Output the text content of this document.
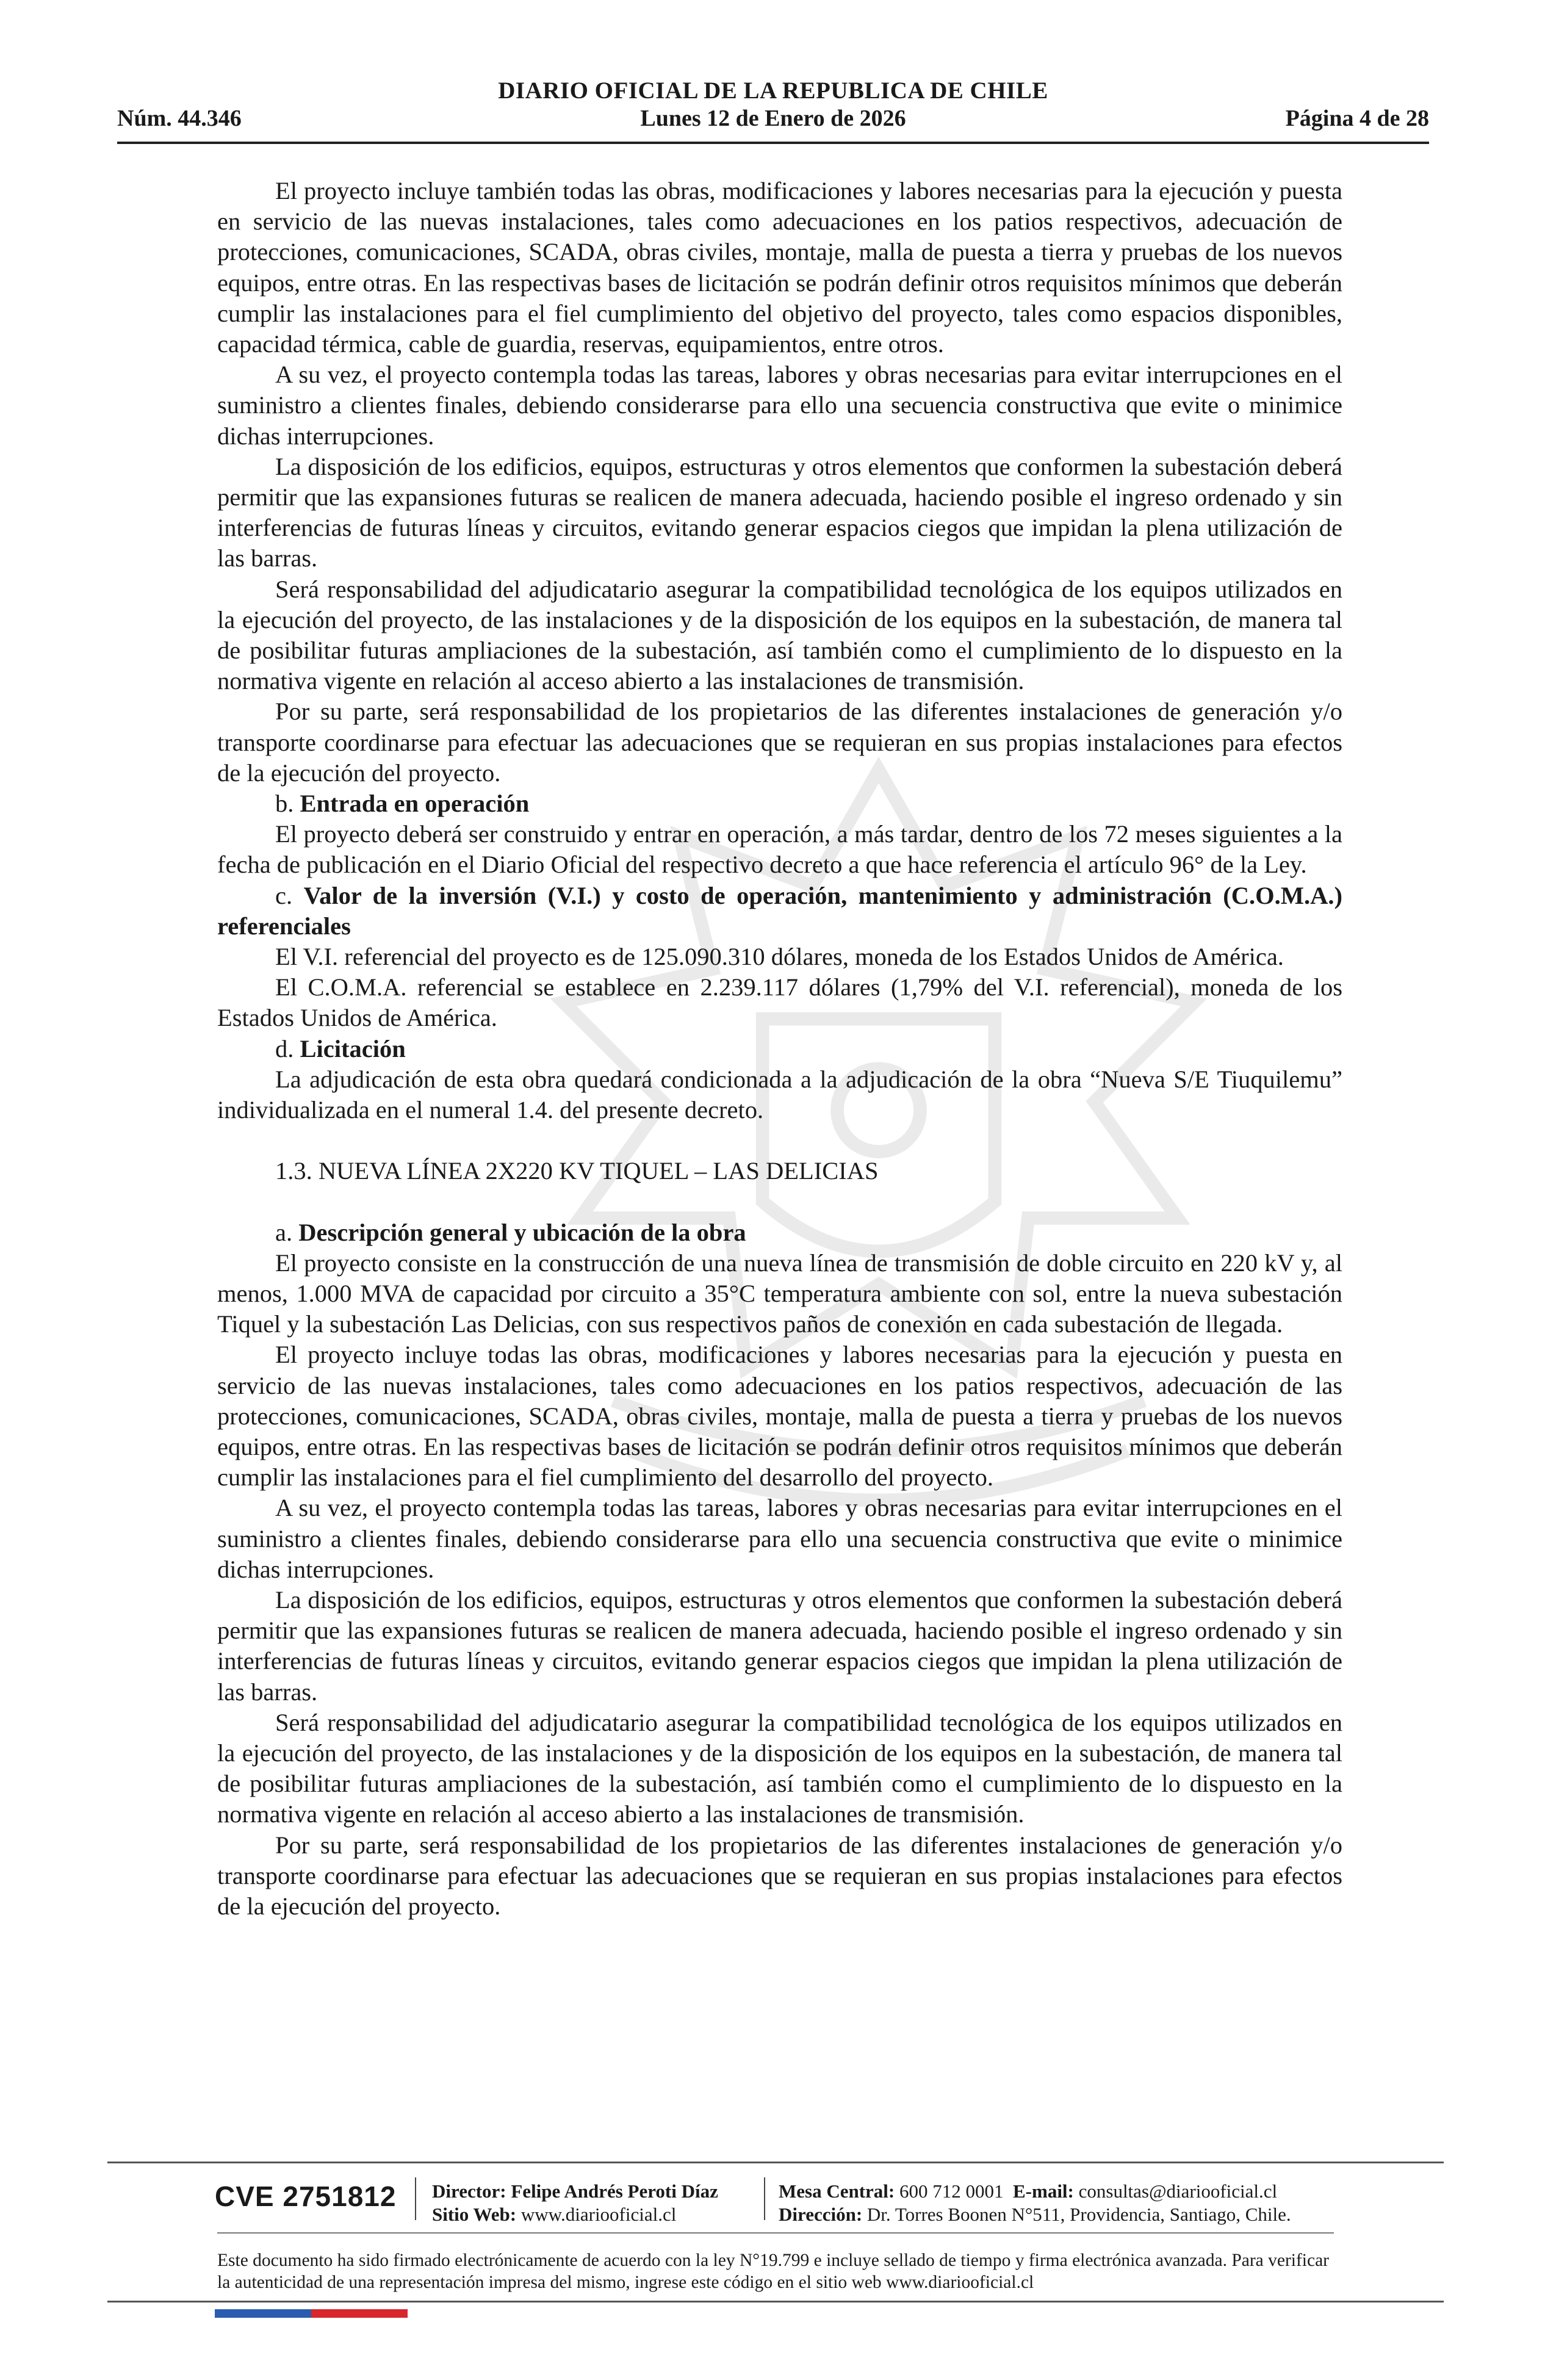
DIARIO OFICIAL DE LA REPUBLICA DE CHILE
Núm. 44.346	Lunes 12 de Enero de 2026	Página 4 de 28

El proyecto incluye también todas las obras, modificaciones y labores necesarias para la ejecución y puesta en servicio de las nuevas instalaciones, tales como adecuaciones en los patios respectivos, adecuación de protecciones, comunicaciones, SCADA, obras civiles, montaje, malla de puesta a tierra y pruebas de los nuevos equipos, entre otras. En las respectivas bases de licitación se podrán definir otros requisitos mínimos que deberán cumplir las instalaciones para el fiel cumplimiento del objetivo del proyecto, tales como espacios disponibles, capacidad térmica, cable de guardia, reservas, equipamientos, entre otros.

A su vez, el proyecto contempla todas las tareas, labores y obras necesarias para evitar interrupciones en el suministro a clientes finales, debiendo considerarse para ello una secuencia constructiva que evite o minimice dichas interrupciones.

La disposición de los edificios, equipos, estructuras y otros elementos que conformen la subestación deberá permitir que las expansiones futuras se realicen de manera adecuada, haciendo posible el ingreso ordenado y sin interferencias de futuras líneas y circuitos, evitando generar espacios ciegos que impidan la plena utilización de las barras.

Será responsabilidad del adjudicatario asegurar la compatibilidad tecnológica de los equipos utilizados en la ejecución del proyecto, de las instalaciones y de la disposición de los equipos en la subestación, de manera tal de posibilitar futuras ampliaciones de la subestación, así también como el cumplimiento de lo dispuesto en la normativa vigente en relación al acceso abierto a las instalaciones de transmisión.

Por su parte, será responsabilidad de los propietarios de las diferentes instalaciones de generación y/o transporte coordinarse para efectuar las adecuaciones que se requieran en sus propias instalaciones para efectos de la ejecución del proyecto.

b. Entrada en operación

El proyecto deberá ser construido y entrar en operación, a más tardar, dentro de los 72 meses siguientes a la fecha de publicación en el Diario Oficial del respectivo decreto a que hace referencia el artículo 96° de la Ley.

c. Valor de la inversión (V.I.) y costo de operación, mantenimiento y administración (C.O.M.A.) referenciales

El V.I. referencial del proyecto es de 125.090.310 dólares, moneda de los Estados Unidos de América.

El C.O.M.A. referencial se establece en 2.239.117 dólares (1,79% del V.I. referencial), moneda de los Estados Unidos de América.

d. Licitación

La adjudicación de esta obra quedará condicionada a la adjudicación de la obra “Nueva S/E Tiuquilemu” individualizada en el numeral 1.4. del presente decreto.

1.3. NUEVA LÍNEA 2X220 KV TIQUEL – LAS DELICIAS

a. Descripción general y ubicación de la obra

El proyecto consiste en la construcción de una nueva línea de transmisión de doble circuito en 220 kV y, al menos, 1.000 MVA de capacidad por circuito a 35°C temperatura ambiente con sol, entre la nueva subestación Tiquel y la subestación Las Delicias, con sus respectivos paños de conexión en cada subestación de llegada.

El proyecto incluye todas las obras, modificaciones y labores necesarias para la ejecución y puesta en servicio de las nuevas instalaciones, tales como adecuaciones en los patios respectivos, adecuación de las protecciones, comunicaciones, SCADA, obras civiles, montaje, malla de puesta a tierra y pruebas de los nuevos equipos, entre otras. En las respectivas bases de licitación se podrán definir otros requisitos mínimos que deberán cumplir las instalaciones para el fiel cumplimiento del desarrollo del proyecto.

A su vez, el proyecto contempla todas las tareas, labores y obras necesarias para evitar interrupciones en el suministro a clientes finales, debiendo considerarse para ello una secuencia constructiva que evite o minimice dichas interrupciones.

La disposición de los edificios, equipos, estructuras y otros elementos que conformen la subestación deberá permitir que las expansiones futuras se realicen de manera adecuada, haciendo posible el ingreso ordenado y sin interferencias de futuras líneas y circuitos, evitando generar espacios ciegos que impidan la plena utilización de las barras.

Será responsabilidad del adjudicatario asegurar la compatibilidad tecnológica de los equipos utilizados en la ejecución del proyecto, de las instalaciones y de la disposición de los equipos en la subestación, de manera tal de posibilitar futuras ampliaciones de la subestación, así también como el cumplimiento de lo dispuesto en la normativa vigente en relación al acceso abierto a las instalaciones de transmisión.

Por su parte, será responsabilidad de los propietarios de las diferentes instalaciones de generación y/o transporte coordinarse para efectuar las adecuaciones que se requieran en sus propias instalaciones para efectos de la ejecución del proyecto.

CVE 2751812 Director: Felipe Andrés Peroti Díaz
Sitio Web: www.diariooficial.cl
Mesa Central: 600 712 0001 E-mail: consultas@diariooficial.cl
Dirección: Dr. Torres Boonen N°511, Providencia, Santiago, Chile.
Este documento ha sido firmado electrónicamente de acuerdo con la ley N°19.799 e incluye sellado de tiempo y firma electrónica avanzada. Para verificar la autenticidad de una representación impresa del mismo, ingrese este código en el sitio web www.diariooficial.cl
